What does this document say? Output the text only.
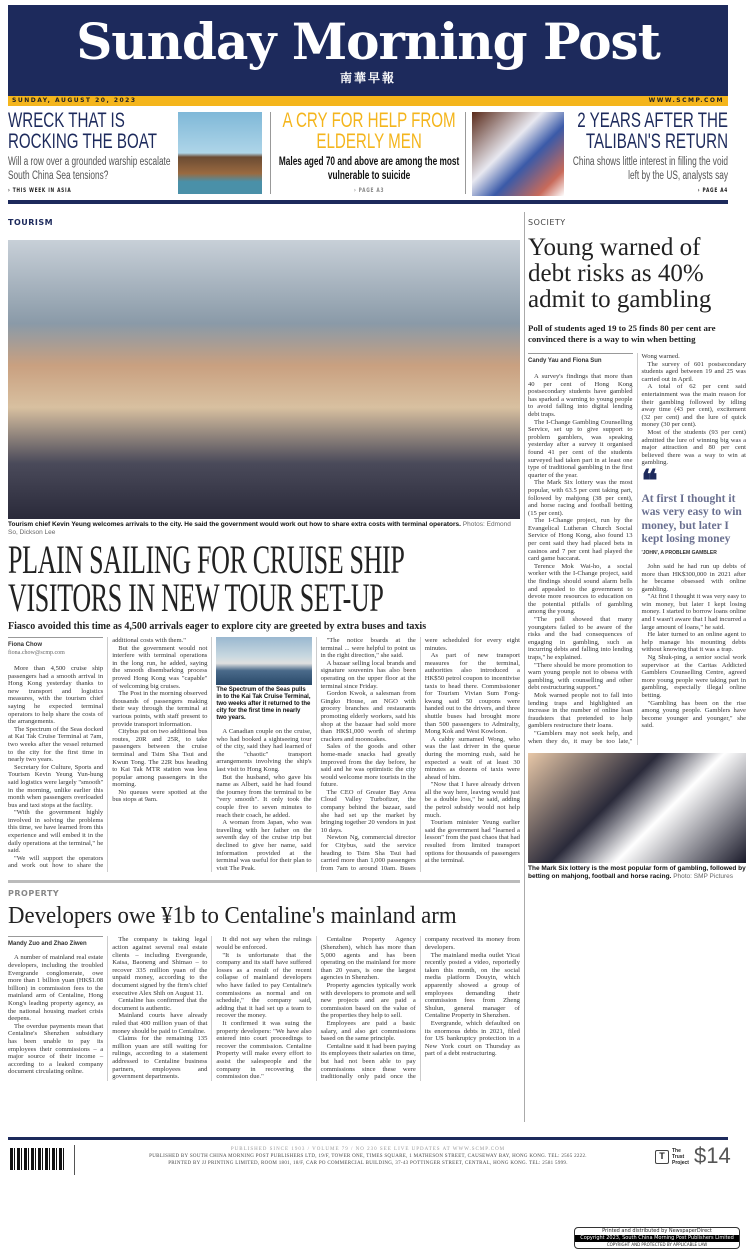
Sunday Morning Post
南華早報
SUNDAY, AUGUST 20, 2023	WWW.SCMP.COM
WRECK THAT IS ROCKING THE BOAT

Will a row over a grounded warship escalate South China Sea tensions?

› THIS WEEK IN ASIA
A CRY FOR HELP FROM ELDERLY MEN

Males aged 70 and above are among the most vulnerable to suicide

› PAGE A3
2 YEARS AFTER THE TALIBAN'S RETURN

China shows little interest in filling the void left by the US, analysts say

› PAGE A4
TOURISM
Tourism chief Kevin Yeung welcomes arrivals to the city. He said the government would work out how to share extra costs with terminal operators. Photos: Edmond So, Dickson Lee
PLAIN SAILING FOR CRUISE SHIP VISITORS IN NEW TOUR SET-UP
Fiasco avoided this time as 4,500 arrivals eager to explore city are greeted by extra buses and taxis
Fiona Chow
fiona.chow@scmp.com

More than 4,500 cruise ship passengers had a smooth arrival in Hong Kong yesterday thanks to new transport and logistics measures, with the tourism chief saying he expected terminal operators to help share the costs of the arrangements.

The Spectrum of the Seas docked at Kai Tak Cruise Terminal at 7am, two weeks after the vessel returned to the city for the first time in nearly two years.

Secretary for Culture, Sports and Tourism Kevin Yeung Yun-hung said logistics were largely "smooth" in the morning, unlike earlier this month when passengers overloaded bus and taxi stops at the facility.

"With the government highly involved in solving the problems this time, we have learned from this experience and will embed it in the daily operations at the terminal," he said.

"We will support the operators and work out how to share the additional costs with them."

But the government would not interfere with terminal operations in the long run, he added, saying the smooth disembarking process proved Hong Kong was "capable" of welcoming big cruises.

The Post in the morning observed thousands of passengers making their way through the terminal at various points, with staff present to provide transport information.

Citybus put on two additional bus routes, 20R and 25R, to take passengers between the cruise terminal and Tsim Sha Tsui and Kwun Tong. The 22R bus heading to Kai Tak MTR station was less popular among passengers in the morning.

No queues were spotted at the bus stops at 9am.

The Spectrum of the Seas pulls in to the Kai Tak Cruise Terminal, two weeks after it returned to the city for the first time in nearly two years.

A Canadian couple on the cruise, who had booked a sightseeing tour of the city, said they had learned of the "chaotic" transport arrangements involving the ship's last visit to Hong Kong.

But the husband, who gave his name as Albert, said he had found the journey from the terminal to be "very smooth". It only took the couple five to seven minutes to reach their coach, he added.

A woman from Japan, who was travelling with her father on the seventh day of the cruise trip but declined to give her name, said information provided at the terminal was useful for their plan to visit The Peak.

"The notice boards at the terminal ... were helpful to point us in the right direction," she said.

A bazaar selling local brands and signature souvenirs has also been operating on the upper floor at the terminal since Friday.

Gordon Kwok, a salesman from Gingko House, an NGO with grocery branches and restaurants promoting elderly workers, said his shop at the bazaar had sold more than HK$1,000 worth of shrimp crackers and mooncakes.

Sales of the goods and other home-made snacks had greatly improved from the day before, he said and he was optimistic the city would welcome more tourists in the future.

The CEO of Greater Bay Area Cloud Valley Turbofizer, the company behind the bazaar, said she had set up the market by bringing together 20 vendors in just 10 days.

Newton Ng, commercial director for Citybus, said the service heading to Tsim Sha Tsui had carried more than 1,000 passengers from 7am to around 10am. Buses were scheduled for every eight minutes.

As part of new transport measures for the terminal, authorities also introduced a HK$50 petrol coupon to incentivise taxis to head there. Commissioner for Tourism Vivian Sum Fong-kwang said 50 coupons were handed out to the drivers, and three shuttle buses had brought more than 500 passengers to Admiralty, Mong Kok and West Kowloon.

A cabby surnamed Wong, who was the last driver in the queue during the morning rush, said he expected a wait of at least 30 minutes as dozens of taxis were ahead of him.

"Now that I have already driven all the way here, leaving would just be a double loss," he said, adding the petrol subsidy would not help much.

Tourism minister Yeung earlier said the government had "learned a lesson" from the past chaos that had resulted from limited transport options for thousands of passengers at the terminal.

PROPERTY
Developers owe ¥1b to Centaline's mainland arm
Mandy Zuo and Zhao Ziwen

A number of mainland real estate developers, including the troubled Evergrande conglomerate, owe more than 1 billion yuan (HK$1.08 billion) in commission fees to the mainland arm of Centaline, Hong Kong's leading property agency, as the national housing market crisis deepens.

The overdue payments mean that Centaline's Shenzhen subsidiary has been unable to pay its employees their commissions – a major source of their income – according to a leaked company document circulating online.

The company is taking legal action against several real estate clients – including Evergrande, Kaisa, Baoneng and Shimao – to recover 335 million yuan of the unpaid money, according to the document signed by the firm's chief executive Alex Shih on August 11.

Centaline has confirmed that the document is authentic.

Mainland courts have already ruled that 400 million yuan of that money should be paid to Centaline.

Claims for the remaining 135 million yuan are still waiting for rulings, according to a statement addressed to Centaline business partners, employees and government departments.

It did not say when the rulings would be enforced.

"It is unfortunate that the company and its staff have suffered losses as a result of the recent collapse of mainland developers who have failed to pay Centaline's commissions as normal and on schedule," the company said, adding that it had set up a team to recover the money.

It confirmed it was suing the property developers: "We have also entered into court proceedings to recover the commission. Centaline Property will make every effort to assist the salespeople and the company in recovering the commission due."

Centaline Property Agency (Shenzhen), which has more than 5,000 agents and has been operating on the mainland for more than 20 years, is one the largest agencies in Shenzhen.

Property agencies typically work with developers to promote and sell new projects and are paid a commission based on the value of the properties they help to sell.

Employees are paid a basic salary, and also get commissions based on the same principle.

Centaline said it had been paying its employees their salaries on time, but had not been able to pay commissions since these were traditionally only paid once the company received its money from developers.

The mainland media outlet Yicai recently posted a video, reportedly taken this month, on the social media platform Douyin, which apparently showed a group of employees demanding their commission fees from Zheng Shulun, general manager of Centaline Property in Shenzhen.

Evergrande, which defaulted on its enormous debts in 2021, filed for US bankruptcy protection in a New York court on Thursday as part of a debt restructuring.

SOCIETY
Young warned of debt risks as 40% admit to gambling
Poll of students aged 19 to 25 finds 80 per cent are convinced there is a way to win when betting
Candy Yau and Fiona Sun

A survey's findings that more than 40 per cent of Hong Kong postsecondary students have gambled has sparked a warning to young people to avoid falling into digital lending debt traps.

The I-Change Gambling Counselling Service, set up to give support to problem gamblers, was speaking yesterday after a survey it organised found 41 per cent of the students surveyed had taken part in at least one type of traditional gambling in the first quarter of the year.

The Mark Six lottery was the most popular, with 63.5 per cent taking part, followed by mahjong (38 per cent), and horse racing and football betting (15 per cent).

The I-Change project, run by the Evangelical Lutheran Church Social Service of Hong Kong, also found 13 per cent said they had placed bets in casinos and 7 per cent had played the card game baccarat.

Terence Mok Wai-ho, a social worker with the I-Change project, said the findings should sound alarm bells and appealed to the government to devote more resources to education on the potential pitfalls of gambling among the young.

"The poll showed that many youngsters failed to be aware of the risks and the bad consequences of engaging in gambling, such as incurring debts and falling into lending traps," he explained.

"There should be more promotion to warn young people not to obsess with gambling, with counselling and other debt restructuring support."

Mok warned people not to fall into lending traps and highlighted an increase in the number of online loan fraudsters that pretended to help gamblers restructure their loans.

"Gamblers may not seek help, and when they do, it may be too late," Wong warned.

The survey of 601 postsecondary students aged between 19 and 25 was carried out in April.

A total of 62 per cent said entertainment was the main reason for their gambling followed by idling away time (43 per cent), excitement (32 per cent) and the lure of quick money (30 per cent).

Most of the students (93 per cent) admitted the lure of winning big was a major attraction and 80 per cent believed there was a way to win at gambling.

❝
At first I thought it was very easy to win money, but later I kept losing money
'JOHN', A PROBLEM GAMBLER

John said he had run up debts of more than HK$300,000 in 2021 after he became obsessed with online gambling.

"At first I thought it was very easy to win money, but later I kept losing money. I started to borrow loans online and I wasn't aware that I had incurred a large amount of loans," he said.

He later turned to an online agent to help manage his mounting debts without knowing that it was a trap.

Ng Shuk-ping, a senior social work supervisor at the Caritas Addicted Gamblers Counselling Centre, agreed more young people were taking part in gambling, especially illegal online betting.

"Gambling has been on the rise among young people. Gamblers have become younger and younger," she said.

The Mark Six lottery is the most popular form of gambling, followed by betting on mahjong, football and horse racing. Photo: SMP Pictures
PUBLISHED SINCE 1903 / VOLUME 79 / NO 230 SEE LIVE UPDATES AT WWW.SCMP.COM
PUBLISHED BY SOUTH CHINA MORNING POST PUBLISHERS LTD, 19/F, TOWER ONE, TIMES SQUARE, 1 MATHESON STREET, CAUSEWAY BAY, HONG KONG. TEL: 2565 2222.
PRINTED BY JJ PRINTING LIMITED, ROOM 1801, 18/F, CAR PO COMMERCIAL BUILDING, 37-43 POTTINGER STREET, CENTRAL, HONG KONG. TEL: 2581 5999.
T	The Trust Project $14
Printed and distributed by NewspaperDirect
Copyright 2023, South China Morning Post Publishers Limited
COPYRIGHT AND PROTECTED BY APPLICABLE LAW
